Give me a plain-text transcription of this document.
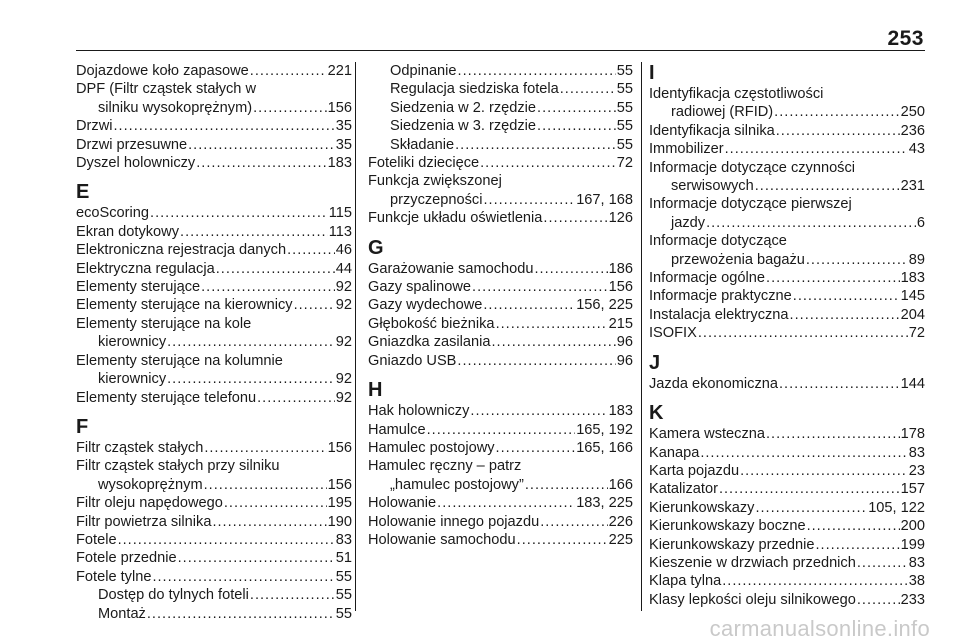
253
Dojazdowe koło zapasowe .....	221
DPF (Filtr cząstek stałych w
silniku wysokoprężnym) .....	156
Drzwi .....	35
Drzwi przesuwne .....	35
Dyszel holowniczy .....	183
E
ecoScoring .....	115
Ekran dotykowy .....	113
Elektroniczna rejestracja danych .....	46
Elektryczna regulacja .....	44
Elementy sterujące .....	92
Elementy sterujące na kierownicy .....	92
Elementy sterujące na kole
kierownicy .....	92
Elementy sterujące na kolumnie
kierownicy .....	92
Elementy sterujące telefonu .....	92
F
Filtr cząstek stałych .....	156
Filtr cząstek stałych przy silniku
wysokoprężnym .....	156
Filtr oleju napędowego .....	195
Filtr powietrza silnika .....	190
Fotele .....	83
Fotele przednie .....	51
Fotele tylne .....	55
Dostęp do tylnych foteli .....	55
Montaż .....	55
Odpinanie .....	55
Regulacja siedziska fotela .....	55
Siedzenia w 2. rzędzie .....	55
Siedzenia w 3. rzędzie .....	55
Składanie .....	55
Foteliki dziecięce .....	72
Funkcja zwiększonej
przyczepności .....	167, 168
Funkcje układu oświetlenia .....	126
G
Garażowanie samochodu .....	186
Gazy spalinowe .....	156
Gazy wydechowe .....	156, 225
Głębokość bieżnika .....	215
Gniazdka zasilania .....	96
Gniazdo USB .....	96
H
Hak holowniczy .....	183
Hamulce .....	165, 192
Hamulec postojowy .....	165, 166
Hamulec ręczny – patrz
„hamulec postojowy” .....	166
Holowanie .....	183, 225
Holowanie innego pojazdu .....	226
Holowanie samochodu .....	225
I
Identyfikacja częstotliwości
radiowej (RFID) .....	250
Identyfikacja silnika .....	236
Immobilizer .....	43
Informacje dotyczące czynności
serwisowych .....	231
Informacje dotyczące pierwszej
jazdy .....	6
Informacje dotyczące
przewożenia bagażu .....	89
Informacje ogólne .....	183
Informacje praktyczne .....	145
Instalacja elektryczna .....	204
ISOFIX .....	72
J
Jazda ekonomiczna .....	144
K
Kamera wsteczna .....	178
Kanapa .....	83
Karta pojazdu .....	23
Katalizator .....	157
Kierunkowskazy .....	105, 122
Kierunkowskazy boczne .....	200
Kierunkowskazy przednie .....	199
Kieszenie w drzwiach przednich .....	83
Klapa tylna .....	38
Klasy lepkości oleju silnikowego .....	233
carmanualsonline.info
